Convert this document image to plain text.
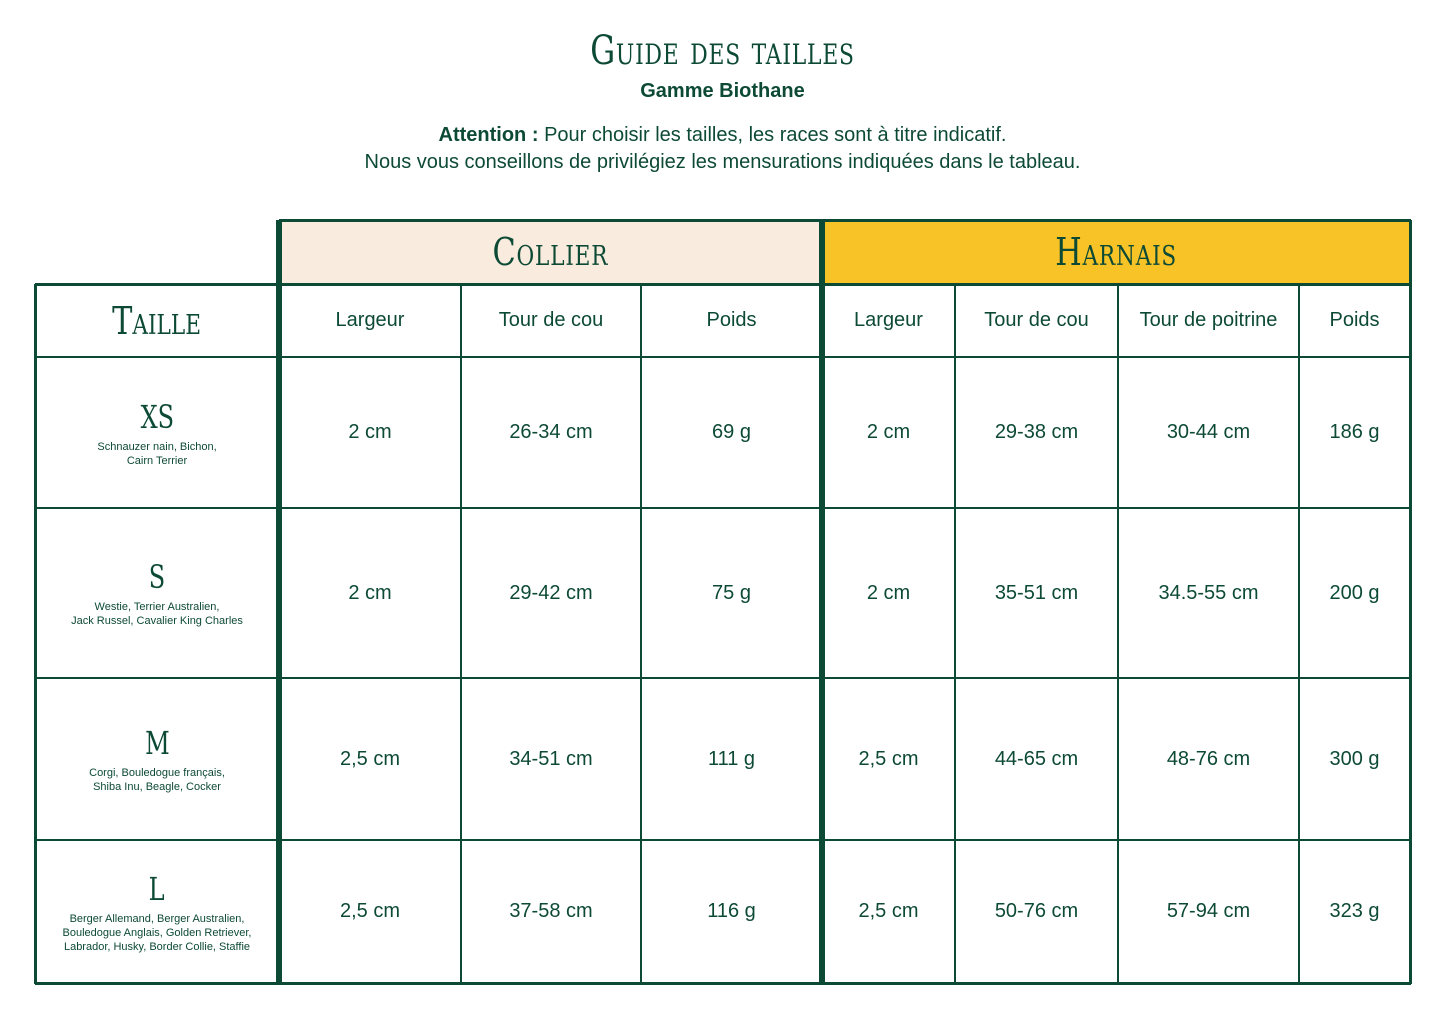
Guide des tailles
Gamme Biothane
Attention : Pour choisir les tailles, les races sont à titre indicatif.
Nous vous conseillons de privilégiez les mensurations indiquées dans le tableau.
Collier	Harnais
Taille	Largeur	Tour de cou	Poids	Largeur	Tour de cou	Tour de poitrine	Poids
XS
Schnauzer nain, Bichon,
Cairn Terrier
2 cm	26-34 cm	69 g	2 cm	29-38 cm	30-44 cm	186 g
S
Westie, Terrier Australien,
Jack Russel, Cavalier King Charles
2 cm	29-42 cm	75 g	2 cm	35-51 cm	34.5-55 cm	200 g
M
Corgi, Bouledogue français,
Shiba Inu, Beagle, Cocker
2,5 cm	34-51 cm	111 g	2,5 cm	44-65 cm	48-76 cm	300 g
L
Berger Allemand, Berger Australien,
Bouledogue Anglais, Golden Retriever,
Labrador, Husky, Border Collie, Staffie
2,5 cm	37-58 cm	116 g	2,5 cm	50-76 cm	57-94 cm	323 g
